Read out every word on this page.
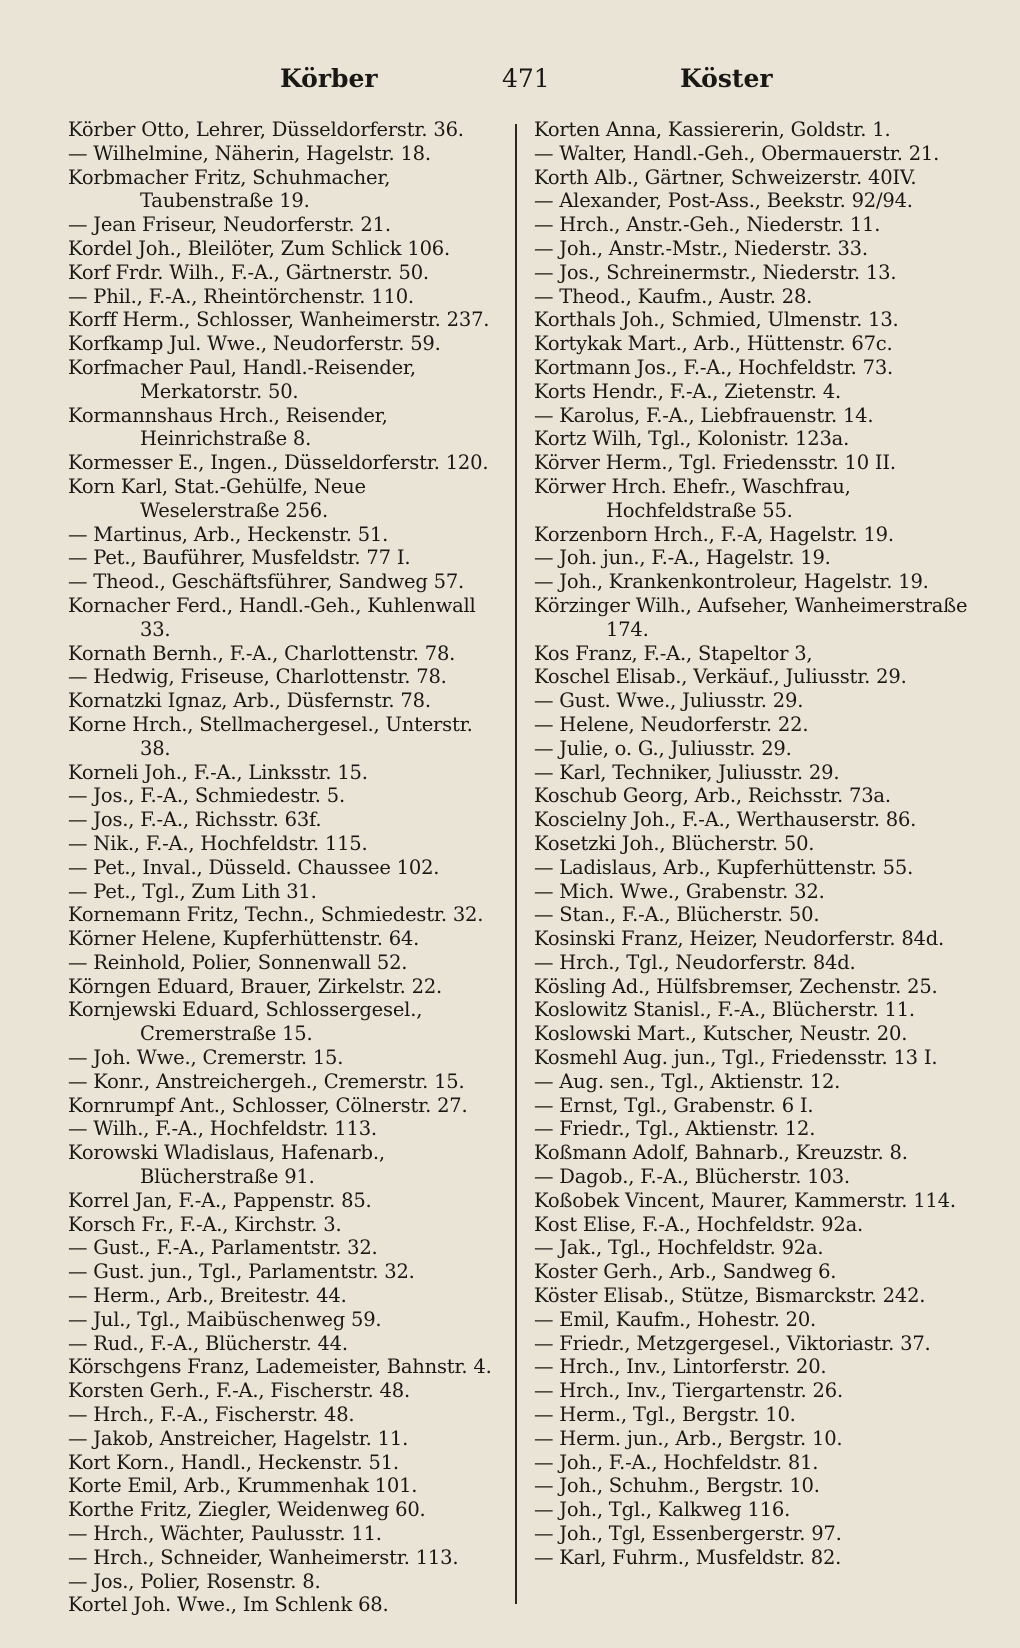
Körber	471	Köster
Körber Otto, Lehrer, Düsseldorferstr. 36.
— Wilhelmine, Näherin, Hagelstr. 18.
Korbmacher Fritz, Schuhmacher, Taubenstraße 19.
— Jean Friseur, Neudorferstr. 21.
Kordel Joh., Bleilöter, Zum Schlick 106.
Korf Frdr. Wilh., F.-A., Gärtnerstr. 50.
— Phil., F.-A., Rheintörchenstr. 110.
Korff Herm., Schlosser, Wanheimerstr. 237.
Korfkamp Jul. Wwe., Neudorferstr. 59.
Korfmacher Paul, Handl.-Reisender, Merkatorstr. 50.
Kormannshaus Hrch., Reisender, Heinrichstraße 8.
Kormesser E., Ingen., Düsseldorferstr. 120.
Korn Karl, Stat.-Gehülfe, Neue Weselerstraße 256.
— Martinus, Arb., Heckenstr. 51.
— Pet., Bauführer, Musfeldstr. 77 I.
— Theod., Geschäftsführer, Sandweg 57.
Kornacher Ferd., Handl.-Geh., Kuhlenwall 33.
Kornath Bernh., F.-A., Charlottenstr. 78.
— Hedwig, Friseuse, Charlottenstr. 78.
Kornatzki Ignaz, Arb., Düsfernstr. 78.
Korne Hrch., Stellmachergesel., Unterstr. 38.
Korneli Joh., F.-A., Linksstr. 15.
— Jos., F.-A., Schmiedestr. 5.
— Jos., F.-A., Richsstr. 63f.
— Nik., F.-A., Hochfeldstr. 115.
— Pet., Inval., Düsseld. Chaussee 102.
— Pet., Tgl., Zum Lith 31.
Kornemann Fritz, Techn., Schmiedestr. 32.
Körner Helene, Kupferhüttenstr. 64.
— Reinhold, Polier, Sonnenwall 52.
Körngen Eduard, Brauer, Zirkelstr. 22.
Kornjewski Eduard, Schlossergesel., Cremerstraße 15.
— Joh. Wwe., Cremerstr. 15.
— Konr., Anstreichergeh., Cremerstr. 15.
Kornrumpf Ant., Schlosser, Cölnerstr. 27.
— Wilh., F.-A., Hochfeldstr. 113.
Korowski Wladislaus, Hafenarb., Blücherstraße 91.
Korrel Jan, F.-A., Pappenstr. 85.
Korsch Fr., F.-A., Kirchstr. 3.
— Gust., F.-A., Parlamentstr. 32.
— Gust. jun., Tgl., Parlamentstr. 32.
— Herm., Arb., Breitestr. 44.
— Jul., Tgl., Maibüschenweg 59.
— Rud., F.-A., Blücherstr. 44.
Körschgens Franz, Lademeister, Bahnstr. 4.
Korsten Gerh., F.-A., Fischerstr. 48.
— Hrch., F.-A., Fischerstr. 48.
— Jakob, Anstreicher, Hagelstr. 11.
Kort Korn., Handl., Heckenstr. 51.
Korte Emil, Arb., Krummenhak 101.
Korthe Fritz, Ziegler, Weidenweg 60.
— Hrch., Wächter, Paulusstr. 11.
— Hrch., Schneider, Wanheimerstr. 113.
— Jos., Polier, Rosenstr. 8.
Kortel Joh. Wwe., Im Schlenk 68.
Korten Anna, Kassiererin, Goldstr. 1.
— Walter, Handl.-Geh., Obermauerstr. 21.
Korth Alb., Gärtner, Schweizerstr. 40IV.
— Alexander, Post-Ass., Beekstr. 92/94.
— Hrch., Anstr.-Geh., Niederstr. 11.
— Joh., Anstr.-Mstr., Niederstr. 33.
— Jos., Schreinermstr., Niederstr. 13.
— Theod., Kaufm., Austr. 28.
Korthals Joh., Schmied, Ulmenstr. 13.
Kortykak Mart., Arb., Hüttenstr. 67c.
Kortmann Jos., F.-A., Hochfeldstr. 73.
Korts Hendr., F.-A., Zietenstr. 4.
— Karolus, F.-A., Liebfrauenstr. 14.
Kortz Wilh, Tgl., Kolonistr. 123a.
Körver Herm., Tgl. Friedensstr. 10 II.
Körwer Hrch. Ehefr., Waschfrau, Hochfeldstraße 55.
Korzenborn Hrch., F.-A, Hagelstr. 19.
— Joh. jun., F.-A., Hagelstr. 19.
— Joh., Krankenkontroleur, Hagelstr. 19.
Körzinger Wilh., Aufseher, Wanheimerstraße 174.
Kos Franz, F.-A., Stapeltor 3,
Koschel Elisab., Verkäuf., Juliusstr. 29.
— Gust. Wwe., Juliusstr. 29.
— Helene, Neudorferstr. 22.
— Julie, o. G., Juliusstr. 29.
— Karl, Techniker, Juliusstr. 29.
Koschub Georg, Arb., Reichsstr. 73a.
Koscielny Joh., F.-A., Werthauserstr. 86.
Kosetzki Joh., Blücherstr. 50.
— Ladislaus, Arb., Kupferhüttenstr. 55.
— Mich. Wwe., Grabenstr. 32.
— Stan., F.-A., Blücherstr. 50.
Kosinski Franz, Heizer, Neudorferstr. 84d.
— Hrch., Tgl., Neudorferstr. 84d.
Kösling Ad., Hülfsbremser, Zechenstr. 25.
Koslowitz Stanisl., F.-A., Blücherstr. 11.
Koslowski Mart., Kutscher, Neustr. 20.
Kosmehl Aug. jun., Tgl., Friedensstr. 13 I.
— Aug. sen., Tgl., Aktienstr. 12.
— Ernst, Tgl., Grabenstr. 6 I.
— Friedr., Tgl., Aktienstr. 12.
Koßmann Adolf, Bahnarb., Kreuzstr. 8.
— Dagob., F.-A., Blücherstr. 103.
Koßobek Vincent, Maurer, Kammerstr. 114.
Kost Elise, F.-A., Hochfeldstr. 92a.
— Jak., Tgl., Hochfeldstr. 92a.
Koster Gerh., Arb., Sandweg 6.
Köster Elisab., Stütze, Bismarckstr. 242.
— Emil, Kaufm., Hohestr. 20.
— Friedr., Metzgergesel., Viktoriastr. 37.
— Hrch., Inv., Lintorferstr. 20.
— Hrch., Inv., Tiergartenstr. 26.
— Herm., Tgl., Bergstr. 10.
— Herm. jun., Arb., Bergstr. 10.
— Joh., F.-A., Hochfeldstr. 81.
— Joh., Schuhm., Bergstr. 10.
— Joh., Tgl., Kalkweg 116.
— Joh., Tgl, Essenbergerstr. 97.
— Karl, Fuhrm., Musfeldstr. 82.
